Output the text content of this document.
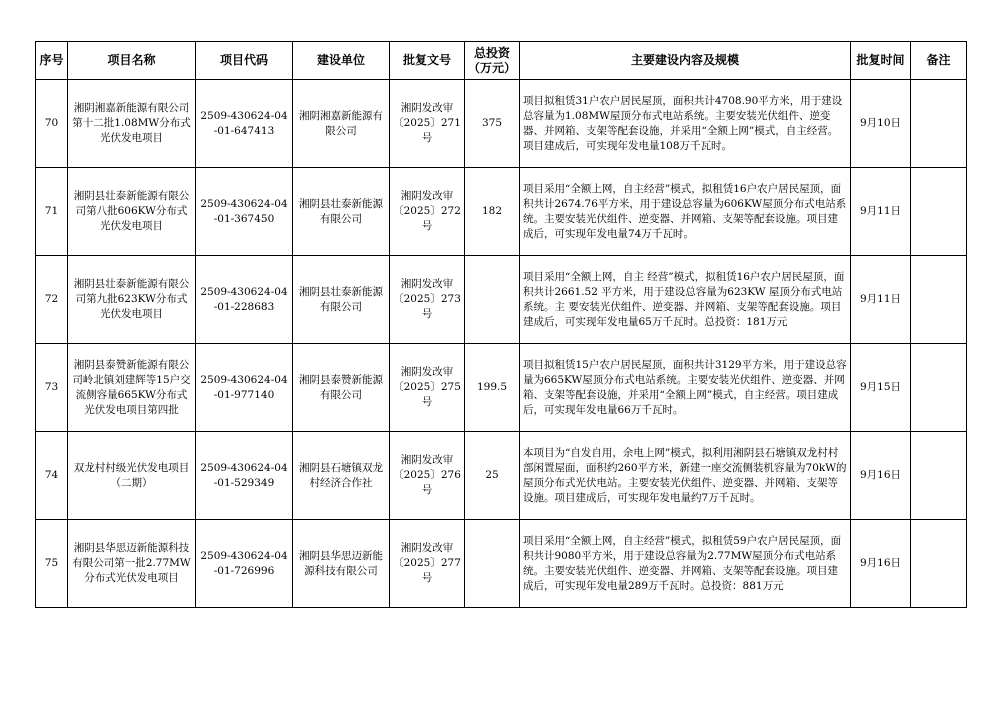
序号	项目名称	项目代码	建设单位	批复文号	总投资（万元）	主要建设内容及规模	批复时间	备注
70	湘阴湘嘉新能源有限公司第十二批1.08MW分布式光伏发电项目	2509-430624-04-01-647413	湘阴湘嘉新能源有限公司	湘阴发改审〔2025〕271号	375	项目拟租赁31户农户居民屋顶，面积共计4708.90平方米，用于建设总容量为1.08MW屋顶分布式电站系统。主要安装光伏组件、逆变器、并网箱、支架等配套设施，并采用“全额上网”模式，自主经营。项目建成后，可实现年发电量108万千瓦时。	9月10日	
71	湘阴县壮泰新能源有限公司第八批606KW分布式光伏发电项目	2509-430624-04-01-367450	湘阴县壮泰新能源有限公司	湘阴发改审〔2025〕272号	182	项目采用“全额上网，自主经营”模式，拟租赁16户农户居民屋顶，面积共计2674.76平方米，用于建设总容量为606KW屋顶分布式电站系统。主要安装光伏组件、逆变器、并网箱、支架等配套设施。项目建成后，可实现年发电量74万千瓦时。	9月11日	
72	湘阴县壮泰新能源有限公司第九批623KW分布式光伏发电项目	2509-430624-04-01-228683	湘阴县壮泰新能源有限公司	湘阴发改审〔2025〕273号		项目采用“全额上网，自主 经营”模式，拟租赁16户农户居民屋顶，面积共计2661.52 平方米，用于建设总容量为623KW 屋顶分布式电站系统。主 要安装光伏组件、逆变器、并网箱、支架等配套设施。项目 建成后，可实现年发电量65万千瓦时。总投资：181万元	9月11日	
73	湘阴县泰赞新能源有限公司岭北镇刘建辉等15户交流侧容量665KW分布式光伏发电项目第四批	2509-430624-04-01-977140	湘阴县泰赞新能源有限公司	湘阴发改审〔2025〕275号	199.5	项目拟租赁15户农户居民屋顶，面积共计3129平方米，用于建设总容量为665KW屋顶分布式电站系统。主要安装光伏组件、逆变器、并网箱、支架等配套设施，并采用“全额上网”模式，自主经营。项目建成后，可实现年发电量66万千瓦时。	9月15日	
74	双龙村村级光伏发电项目（二期）	2509-430624-04-01-529349	湘阴县石塘镇双龙村经济合作社	湘阴发改审〔2025〕276号	25	本项目为“自发自用，余电上网”模式，拟利用湘阴县石塘镇双龙村村部闲置屋面，面积约260平方米，新建一座交流侧装机容量为70kW的屋顶分布式光伏电站。主要安装光伏组件、逆变器、并网箱、支架等设施。项目建成后，可实现年发电量约7万千瓦时。	9月16日	
75	湘阴县华思迈新能源科技有限公司第一批2.77MW分布式光伏发电项目	2509-430624-04-01-726996	湘阴县华思迈新能源科技有限公司	湘阴发改审〔2025〕277号		项目采用“全额上网，自主经营”模式，拟租赁59户农户居民屋顶，面积共计9080平方米，用于建设总容量为2.77MW屋顶分布式电站系统。主要安装光伏组件、逆变器、并网箱、支架等配套设施。项目建成后，可实现年发电量289万千瓦时。总投资：881万元	9月16日	
